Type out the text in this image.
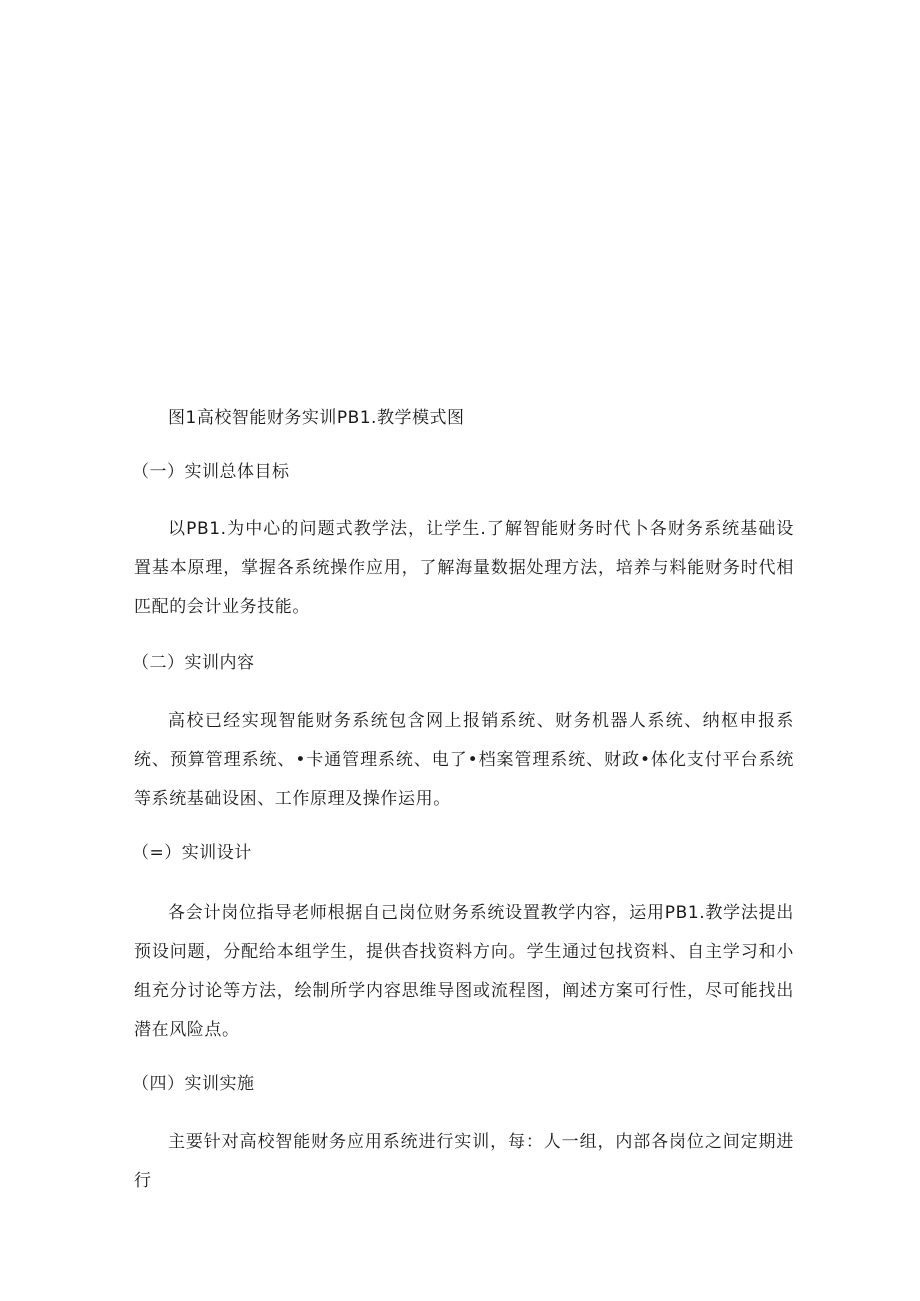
图1高校智能财务实训PB1.教学模式图
（一）实训总体目标

以PB1.为中心的问题式教学法，让学生.了解智能财务时代卜各财务系统基础设置基本原理，掌握各系统操作应用，了解海量数据处理方法，培养与料能财务时代相匹配的会计业务技能。

（二）实训内容

高校已经实现智能财务系统包含网上报销系统、财务机器人系统、纳枢申报系统、预算管理系统、•卡通管理系统、电了•档案管理系统、财政•体化支付平台系统等系统基础设困、工作原理及操作运用。

（=）实训设计

各会计岗位指导老师根据自己岗位财务系统设置教学内容，运用PB1.教学法提出预设问题，分配给本组学生，提供杳找资料方向。学生通过包找资料、自主学习和小组充分讨论等方法，绘制所学内容思维导图或流程图，阐述方案可行性，尽可能找出潜在风险点。

（四）实训实施

主要针对高校智能财务应用系统进行实训，每：人一组，内部各岗位之间定期进行
